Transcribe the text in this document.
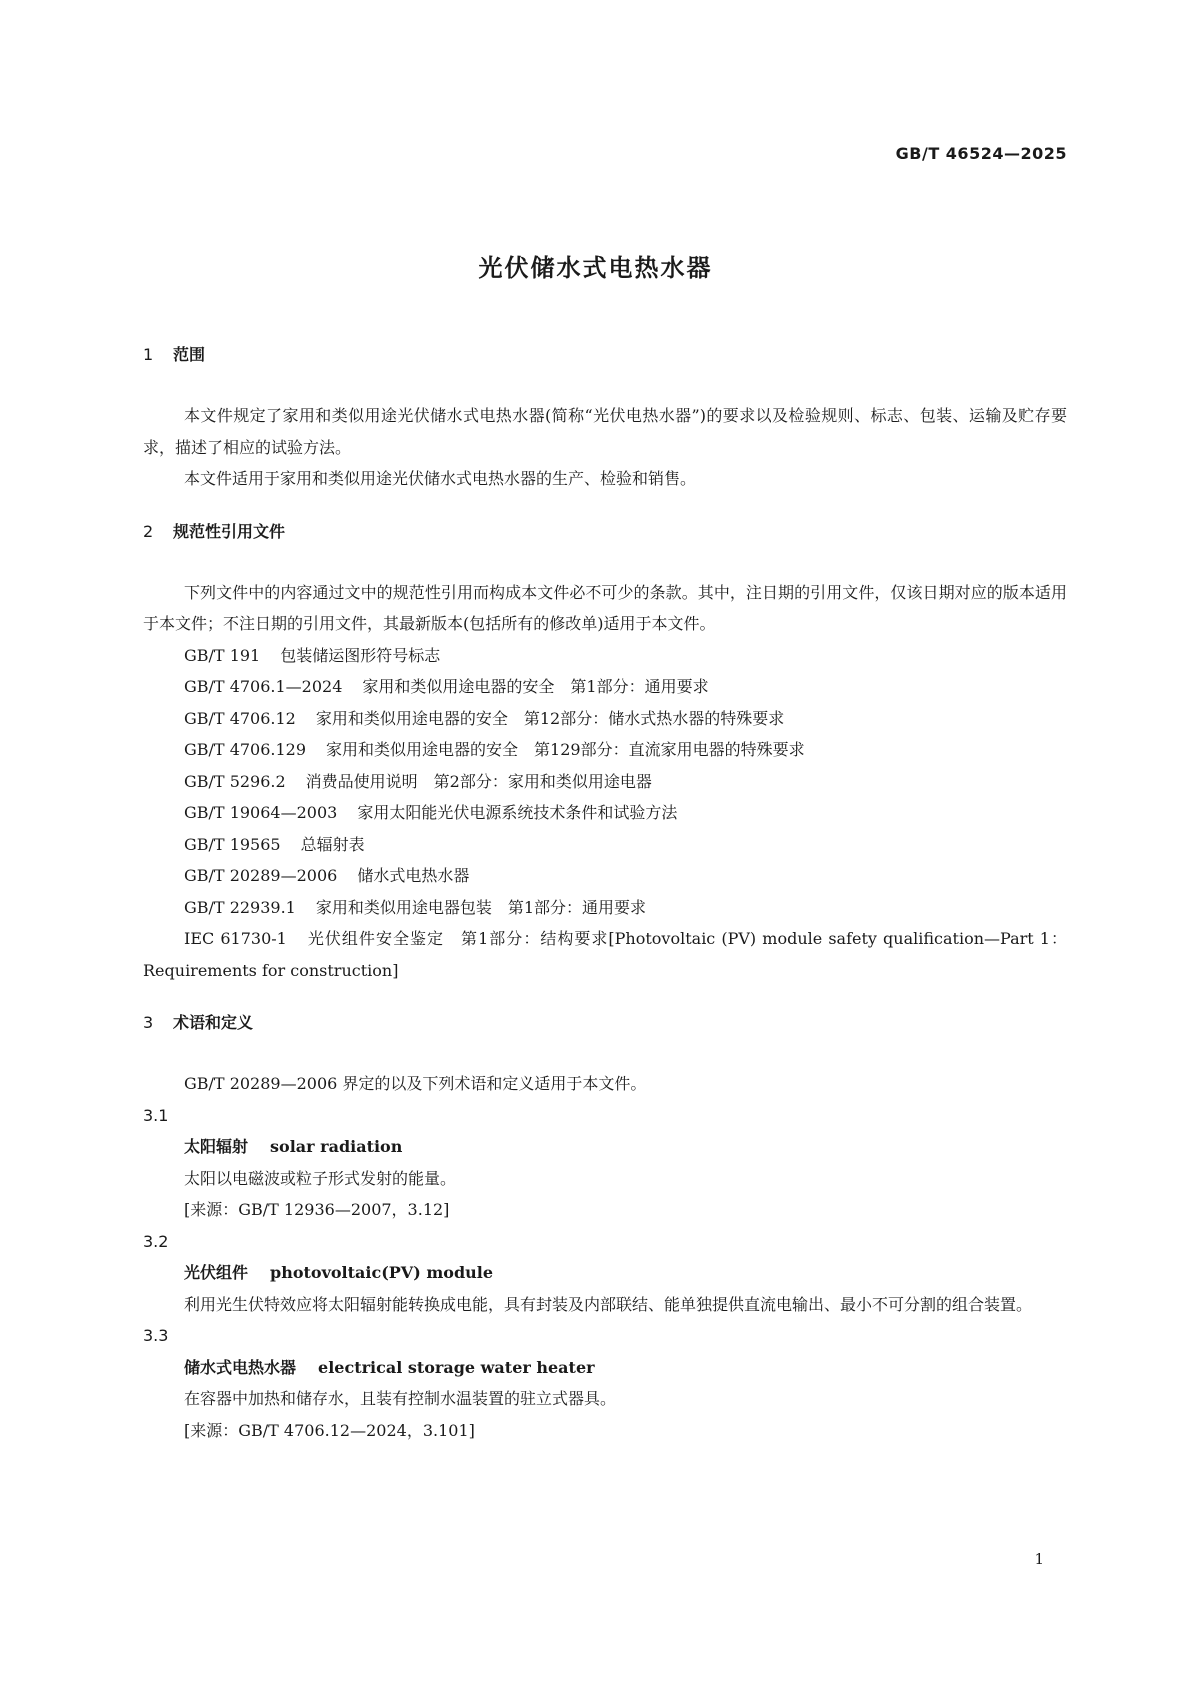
GB/T 46524—2025
光伏储水式电热水器
1 范围
本文件规定了家用和类似用途光伏储水式电热水器(简称“光伏电热水器”)的要求以及检验规则、标志、包装、运输及贮存要求，描述了相应的试验方法。
本文件适用于家用和类似用途光伏储水式电热水器的生产、检验和销售。
2 规范性引用文件
下列文件中的内容通过文中的规范性引用而构成本文件必不可少的条款。其中，注日期的引用文件，仅该日期对应的版本适用于本文件；不注日期的引用文件，其最新版本(包括所有的修改单)适用于本文件。
GB/T 191 包装储运图形符号标志
GB/T 4706.1—2024 家用和类似用途电器的安全　第1部分：通用要求
GB/T 4706.12 家用和类似用途电器的安全　第12部分：储水式热水器的特殊要求
GB/T 4706.129 家用和类似用途电器的安全　第129部分：直流家用电器的特殊要求
GB/T 5296.2 消费品使用说明　第2部分：家用和类似用途电器
GB/T 19064—2003 家用太阳能光伏电源系统技术条件和试验方法
GB/T 19565 总辐射表
GB/T 20289—2006 储水式电热水器
GB/T 22939.1 家用和类似用途电器包装　第1部分：通用要求
IEC 61730-1 光伏组件安全鉴定　第1部分：结构要求[Photovoltaic (PV) module safety qualification—Part 1：Requirements for construction]
3 术语和定义
GB/T 20289—2006 界定的以及下列术语和定义适用于本文件。
3.1
太阳辐射 solar radiation
太阳以电磁波或粒子形式发射的能量。
[来源：GB/T 12936—2007，3.12]
3.2
光伏组件 photovoltaic(PV) module
利用光生伏特效应将太阳辐射能转换成电能，具有封装及内部联结、能单独提供直流电输出、最小不可分割的组合装置。
3.3
储水式电热水器 electrical storage water heater
在容器中加热和储存水，且装有控制水温装置的驻立式器具。
[来源：GB/T 4706.12—2024，3.101]
1
